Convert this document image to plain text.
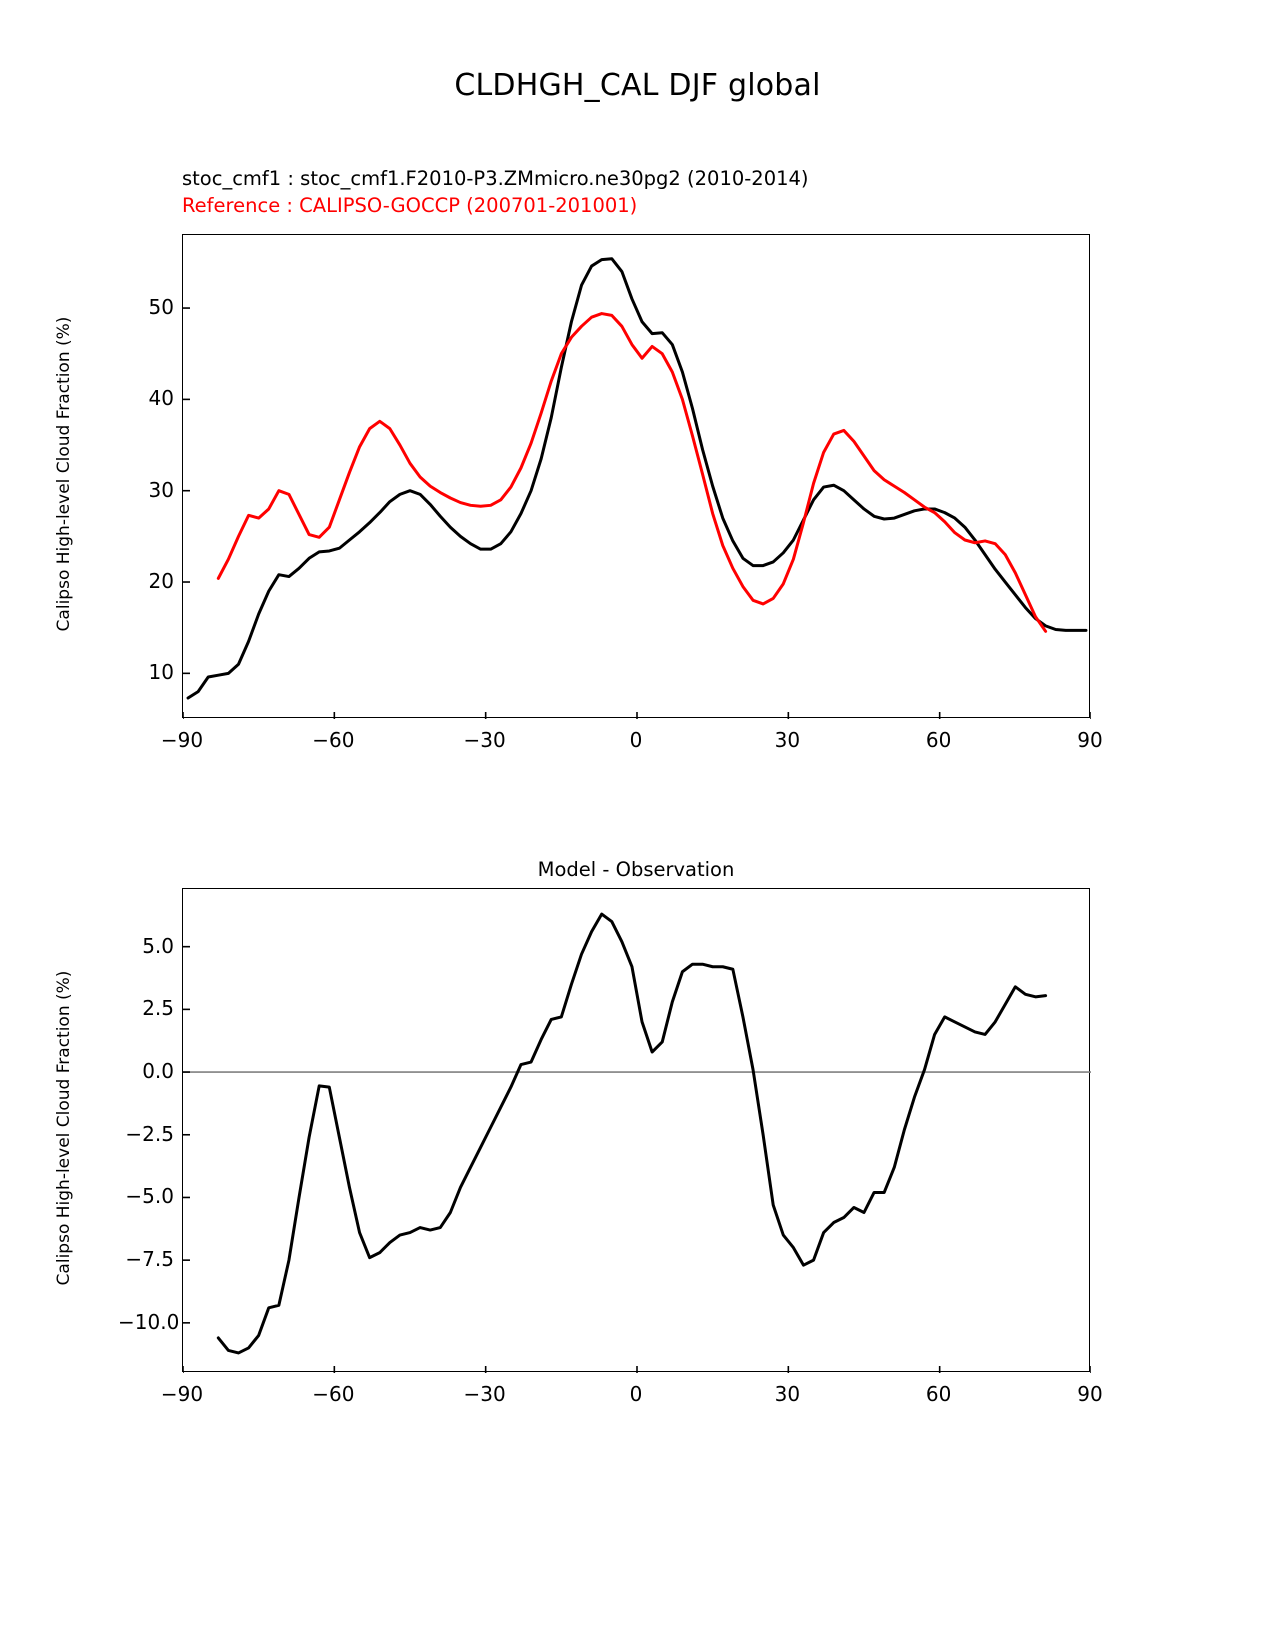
CLDHGH_CAL DJF global
stoc_cmf1 : stoc_cmf1.F2010-P3.ZMmicro.ne30pg2 (2010-2014)
Reference : CALIPSO-GOCCP (200701-201001)
Calipso High-level Cloud Fraction (%)
−90	−60	−30	0	30	60	90
10
20
30
40
50
Model - Observation
Calipso High-level Cloud Fraction (%)
−90	−60	−30	0	30	60	90
−10.0
−7.5
−5.0
−2.5
0.0
2.5
5.0
